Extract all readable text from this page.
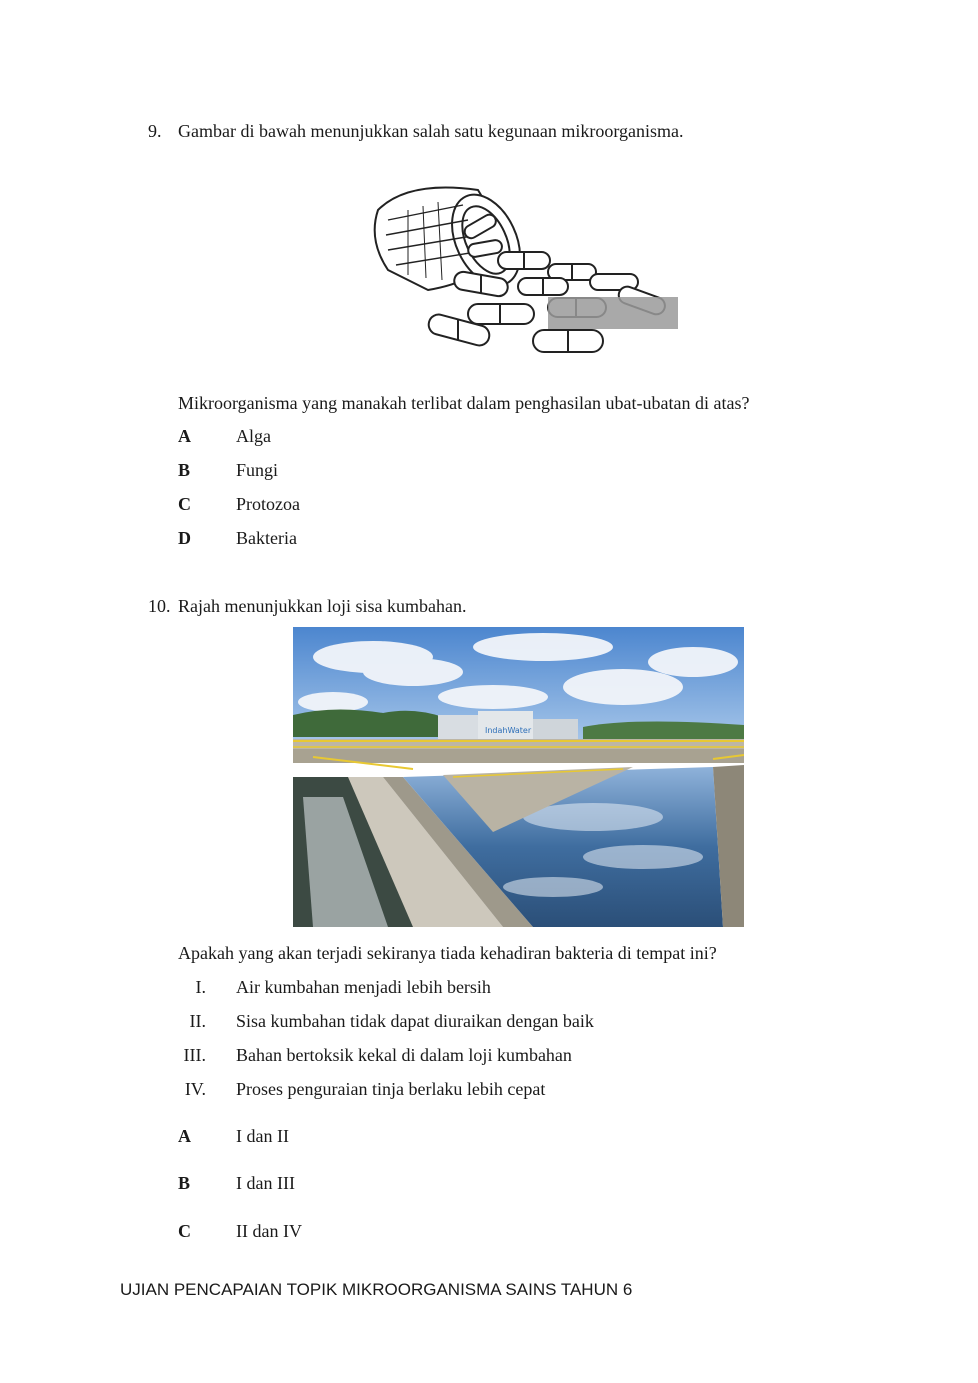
9. Gambar di bawah menunjukkan salah satu kegunaan mikroorganisma.
Mikroorganisma yang manakah terlibat dalam penghasilan ubat-ubatan di atas?
A	Alga
B	Fungi
C	Protozoa
D	Bakteria
10. Rajah menunjukkan loji sisa kumbahan.
IndahWater
Apakah yang akan terjadi sekiranya tiada kehadiran bakteria di tempat ini?
I. Air kumbahan menjadi lebih bersih
II. Sisa kumbahan tidak dapat diuraikan dengan baik
III. Bahan bertoksik kekal di dalam loji kumbahan
IV. Proses penguraian tinja berlaku lebih cepat
A	I dan II
B	I dan III
C	II dan IV
UJIAN PENCAPAIAN TOPIK MIKROORGANISMA SAINS TAHUN 6
